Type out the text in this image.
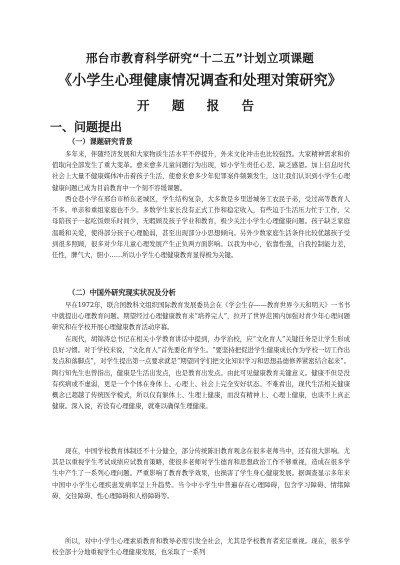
邢台市教育科学研究“十二五”计划立项课题
《小学生心理健康情况调查和处理对策研究》
开 题 报 告
一、问题提出
（一）课题研究背景
多年来，伴随经济发展和大家物质生活水平不停提升，外来文化冲击也比较强烈。大家精神需求和价值取向全部发生了重大变革。愈来愈多儿童问题行为出现，如小学生责任心差、缺乏感恩。加上信息时代社会上大量不健康媒体冲击着孩子生活，使愈来愈多少年犯罪案件频频发生，这让我们认识到小学生心理健康问题已成为目前教育中一个刻不容缓课题。
西仓巷小学在邢台市桥东老城区，学生结构复杂，大多数是乡里进城务工农民子弟，受过高等教育人不多。单亲和重组家庭也不少。多数学生家长没有正式工作和稳定收入，有些迫于生活压力忙于工作，父母陪孩子一起吃饭娱乐时间少，无暇顾及孩子学业和教育，极少关注小学生心理健康问题。孩子缺乏家庭温暖和关爱，使得部分孩子心理脆弱，甚至出现部分小思想倾向。另外少数家庭生活条件比较优越孩子受到很多照顾，很多对少年儿童心理发展产生正负两方面影响。以我为中心，依靠性强，自我控制能力差，任性，脾气大，胆小……所以小学生心理健康教育显得极为关键。
（二）中国外研究现实状况及分析
早在1972年，联合国教科文组织国际教育发展委员会在《学会生存——教育世界今天和明天》一书书中就提出心理教育问题。期望经过心理健康教育来“培养完人”，拉开了世界范围内加强对青少年心理问题研究和在学校开展心理健康教育活动序幕。
在现代，胡锦涛总书记在相关小学教育讲话中提到，办学治校，应“文化育人”关键任务是让学生形成良好习惯。对于学校来说，“文化育人”首先要化育学生。“要坚持把促进学生健康成长作为学校一切工作出发点和落脚点”，对学生提出第一点要求就是“期望同学们把文化知识学习和思想品德修养紧密结合起来”。陶行知先生也曾指出，健康是生活出发点，也是教育出发点。由此可见健康教育关键意义。健康不但是没有疾病或不虚弱，更是一个个体在身体上、心理上、社会上完全安好状态。不难看出，现代生活相关健康概念已超越了传统医学模式，所以仅有躯体上、生理上健康，而没有精神上、心理上健康，也谈不上真正健康。深入说，若没有心理健康，就难以确保生理健康。
现在，中国学校教育体制还不十分健全，部分传统陈旧教育观念在很多老师当中，还有很大影响。尤其是以重视学生考试成绩应试教育策略，使很多老师对学生德育和思想政治工作不够重视，造成在很多学生中产生了一系列心理问题。严重影响了教育教学效果，也损害了学生身心健康发展。据调查显示多年来中国中小学生心理疾患发病率呈上升趋势。当今中小学生中普遍存在心理障碍，包含学习障碍、情绪障碍、交往障碍、性心理障碍和人格障碍等。
所以，对中小学生心理素质教育和教导必需引发全社会，尤其是学校教育者充足重视。现在，很多学校全部十分地重视学生心理健康发展，也采取了一系列
